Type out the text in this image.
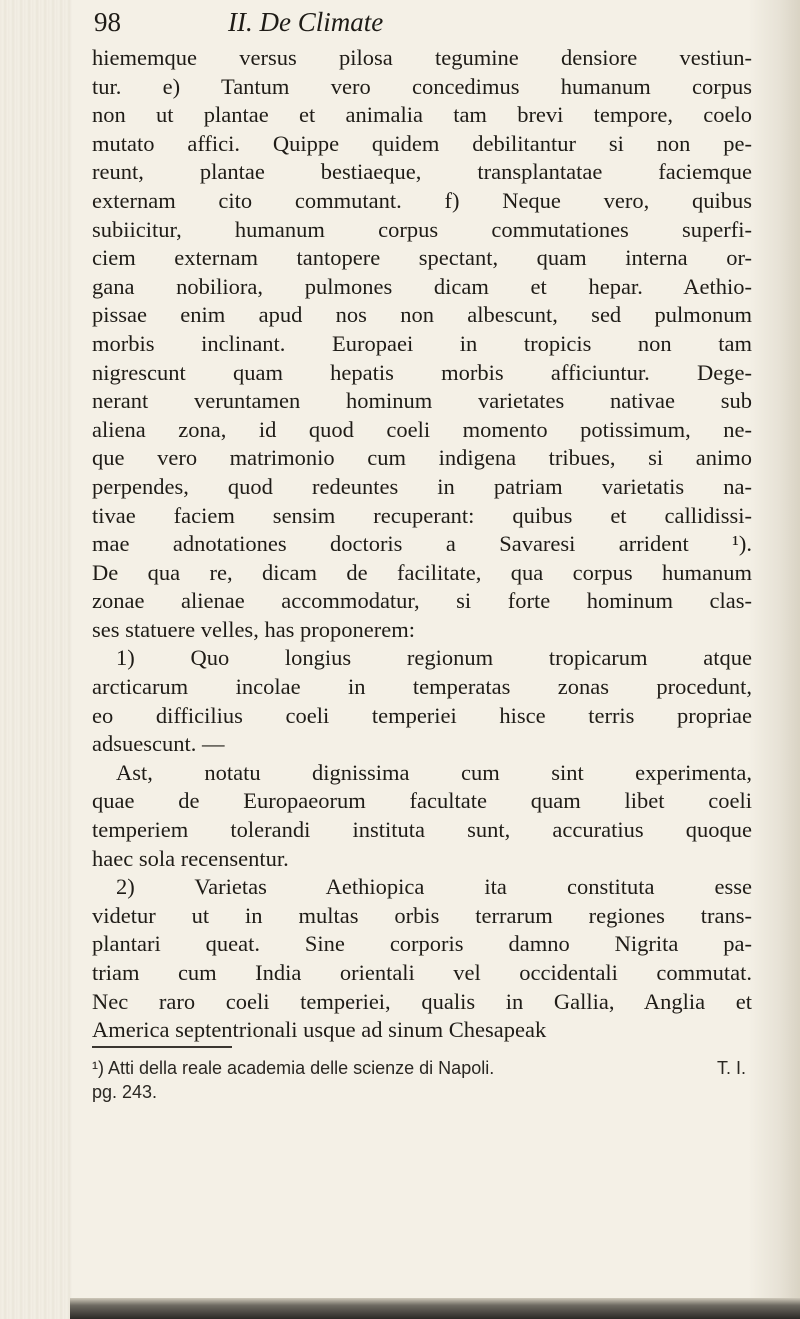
98	II. De Climate

hiememque versus pilosa tegumine densiore vestiun-

tur. e) Tantum vero concedimus humanum corpus

non ut plantae et animalia tam brevi tempore, coelo

mutato affici. Quippe quidem debilitantur si non pe-

reunt, plantae bestiaeque, transplantatae faciemque

externam cito commutant. f) Neque vero, quibus

subiicitur, humanum corpus commutationes superfi-

ciem externam tantopere spectant, quam interna or-

gana nobiliora, pulmones dicam et hepar. Aethio-

pissae enim apud nos non albescunt, sed pulmonum

morbis inclinant. Europaei in tropicis non tam

nigrescunt quam hepatis morbis afficiuntur. Dege-

nerant veruntamen hominum varietates nativae sub

aliena zona, id quod coeli momento potissimum, ne-

que vero matrimonio cum indigena tribues, si animo

perpendes, quod redeuntes in patriam varietatis na-

tivae faciem sensim recuperant: quibus et callidissi-

mae adnotationes doctoris a Savaresi arrident ¹).

De qua re, dicam de facilitate, qua corpus humanum

zonae alienae accommodatur, si forte hominum clas-

ses statuere velles, has proponerem:

1) Quo longius regionum tropicarum atque

arcticarum incolae in temperatas zonas procedunt,

eo difficilius coeli temperiei hisce terris propriae

adsuescunt. —

Ast, notatu dignissima cum sint experimenta,

quae de Europaeorum facultate quam libet coeli

temperiem tolerandi instituta sunt, accuratius quoque

haec sola recensentur.

2) Varietas Aethiopica ita constituta esse

videtur ut in multas orbis terrarum regiones trans-

plantari queat. Sine corporis damno Nigrita pa-

triam cum India orientali vel occidentali commutat.

Nec raro coeli temperiei, qualis in Gallia, Anglia et

America septentrionali usque ad sinum Chesapeak

¹) Atti della reale academia delle scienze di Napoli.	T. I.
pg. 243.
